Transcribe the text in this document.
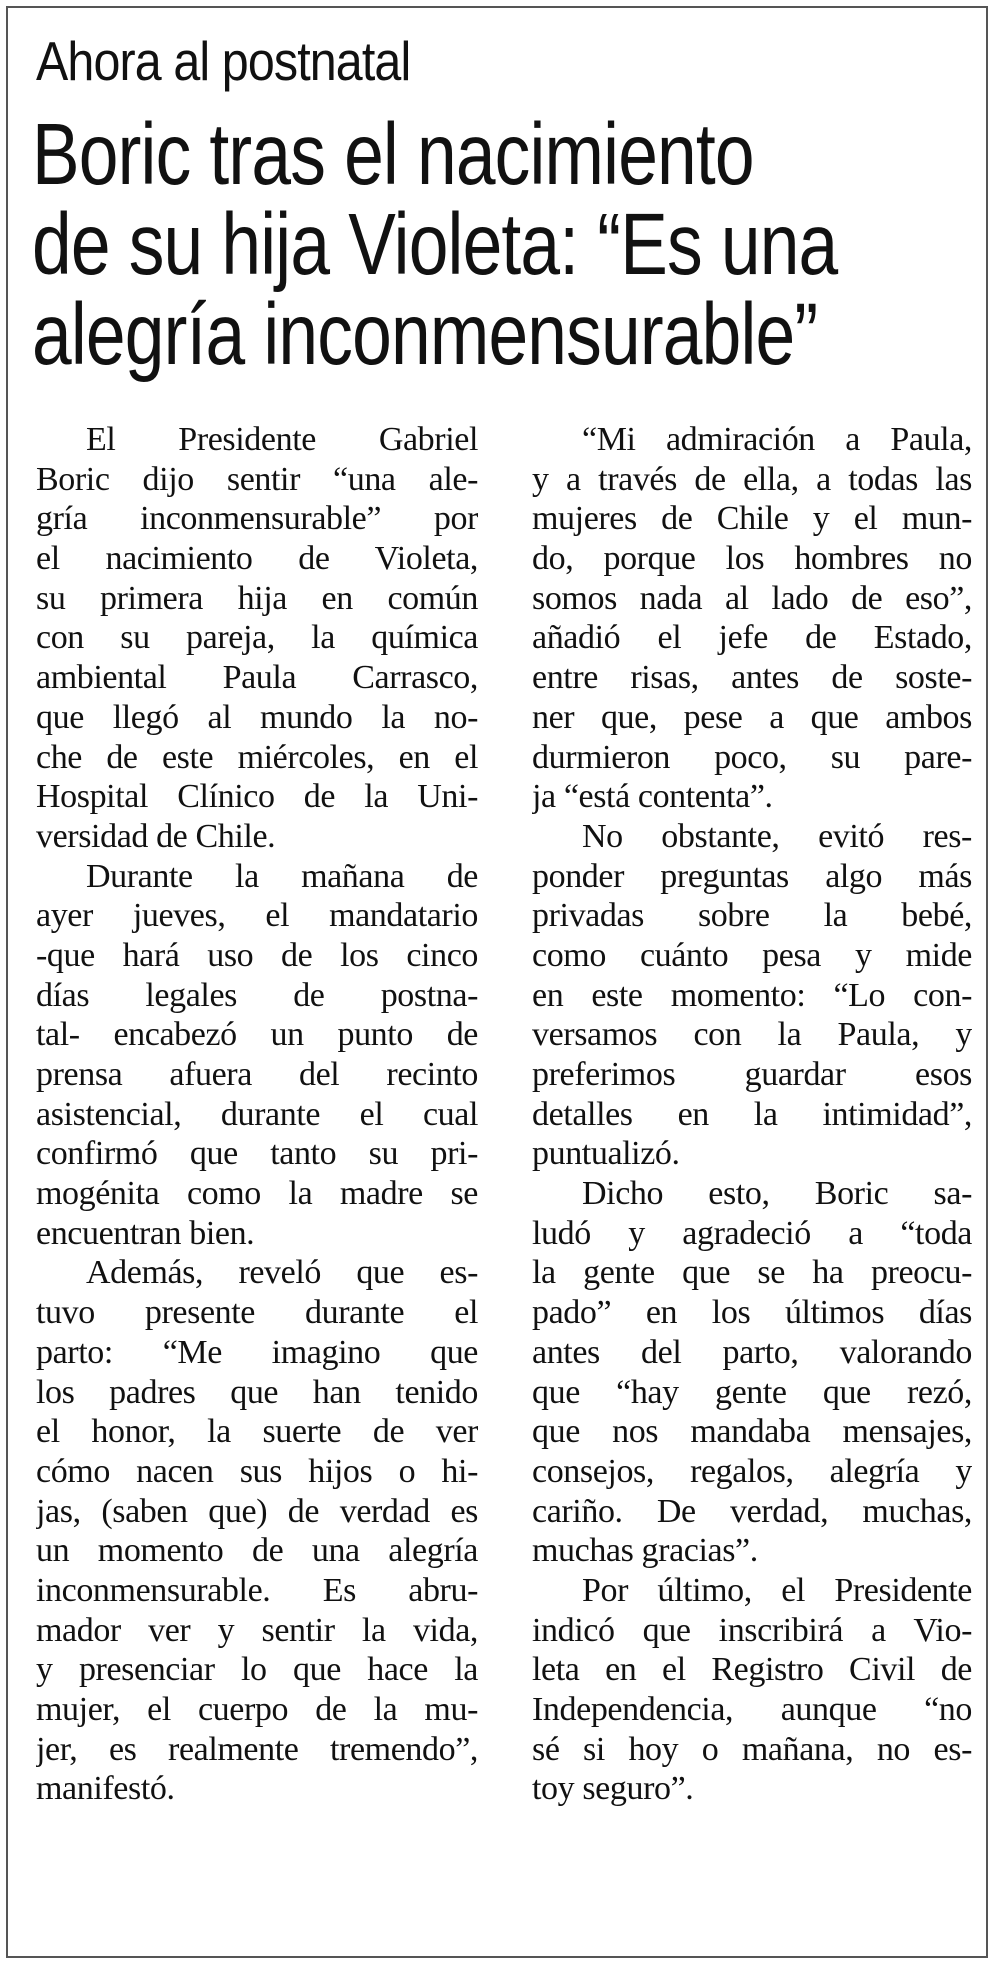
Ahora al postnatal
Boric tras el nacimiento
de su hija Violeta: “Es una
alegría inconmensurable”
El Presidente Gabriel
Boric dijo sentir “una ale-
gría inconmensurable” por
el nacimiento de Violeta,
su primera hija en común
con su pareja, la química
ambiental Paula Carrasco,
que llegó al mundo la no-
che de este miércoles, en el
Hospital Clínico de la Uni-
versidad de Chile.
Durante la mañana de
ayer jueves, el mandatario
-que hará uso de los cinco
días legales de postna-
tal- encabezó un punto de
prensa afuera del recinto
asistencial, durante el cual
confirmó que tanto su pri-
mogénita como la madre se
encuentran bien.
Además, reveló que es-
tuvo presente durante el
parto: “Me imagino que
los padres que han tenido
el honor, la suerte de ver
cómo nacen sus hijos o hi-
jas, (saben que) de verdad es
un momento de una alegría
inconmensurable. Es abru-
mador ver y sentir la vida,
y presenciar lo que hace la
mujer, el cuerpo de la mu-
jer, es realmente tremendo”,
manifestó.
“Mi admiración a Paula,
y a través de ella, a todas las
mujeres de Chile y el mun-
do, porque los hombres no
somos nada al lado de eso”,
añadió el jefe de Estado,
entre risas, antes de soste-
ner que, pese a que ambos
durmieron poco, su pare-
ja “está contenta”.
No obstante, evitó res-
ponder preguntas algo más
privadas sobre la bebé,
como cuánto pesa y mide
en este momento: “Lo con-
versamos con la Paula, y
preferimos guardar esos
detalles en la intimidad”,
puntualizó.
Dicho esto, Boric sa-
ludó y agradeció a “toda
la gente que se ha preocu-
pado” en los últimos días
antes del parto, valorando
que “hay gente que rezó,
que nos mandaba mensajes,
consejos, regalos, alegría y
cariño. De verdad, muchas,
muchas gracias”.
Por último, el Presidente
indicó que inscribirá a Vio-
leta en el Registro Civil de
Independencia, aunque “no
sé si hoy o mañana, no es-
toy seguro”.
